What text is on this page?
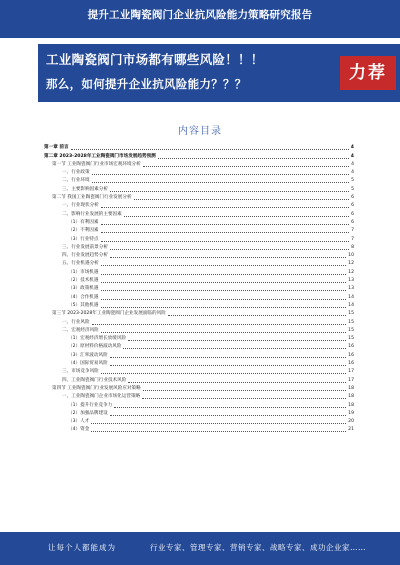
提升工业陶瓷阀门企业抗风险能力策略研究报告
工业陶瓷阀门市场都有哪些风险！！！
那么，如何提升企业抗风险能力？？？
力荐
内容目录
第一章 前言	4
第二章 2023-2028年工业陶瓷阀门市场发展趋势预测	4
第一节 工业陶瓷阀门行业市场宏观环境分析	4
一、行业政策	4
二、行业环境	5
三、主要影响因素分析	5
第二节 我国工业陶瓷阀门行业发展分析	6
一、行业现状分析	6
二、影响行业发展的主要因素	6
（1）有利因素	6
（2）不利因素	7
（3）行业特点	7
三、行业发展前景分析	8
四、行业发展趋势分析	10
五、行业机遇分析	12
（1）市场机遇	12
（2）技术机遇	13
（3）政策机遇	13
（4）合作机遇	14
（5）其他机遇	14
第三节 2023-2028年工业陶瓷阀门企业发展面临的风险	15
一、行业风险	15
二、宏观经济风险	15
（1）宏观经济增长放缓风险	15
（2）原材料价格波动风险	16
（3）汇率波动风险	16
（4）国际贸易风险	16
三、市场竞争风险	17
四、工业陶瓷阀门行业技术风险	17
第四节 工业陶瓷阀门行业发展风险应对策略	18
一、工业陶瓷阀门企业市场化运营策略	18
（1）提升行业竞争力	18
（2）加强品牌建设	19
（3）人才	20
（4）资金	21
让每个人都能成为	行业专家、管理专家、营销专家、战略专家、成功企业家……
